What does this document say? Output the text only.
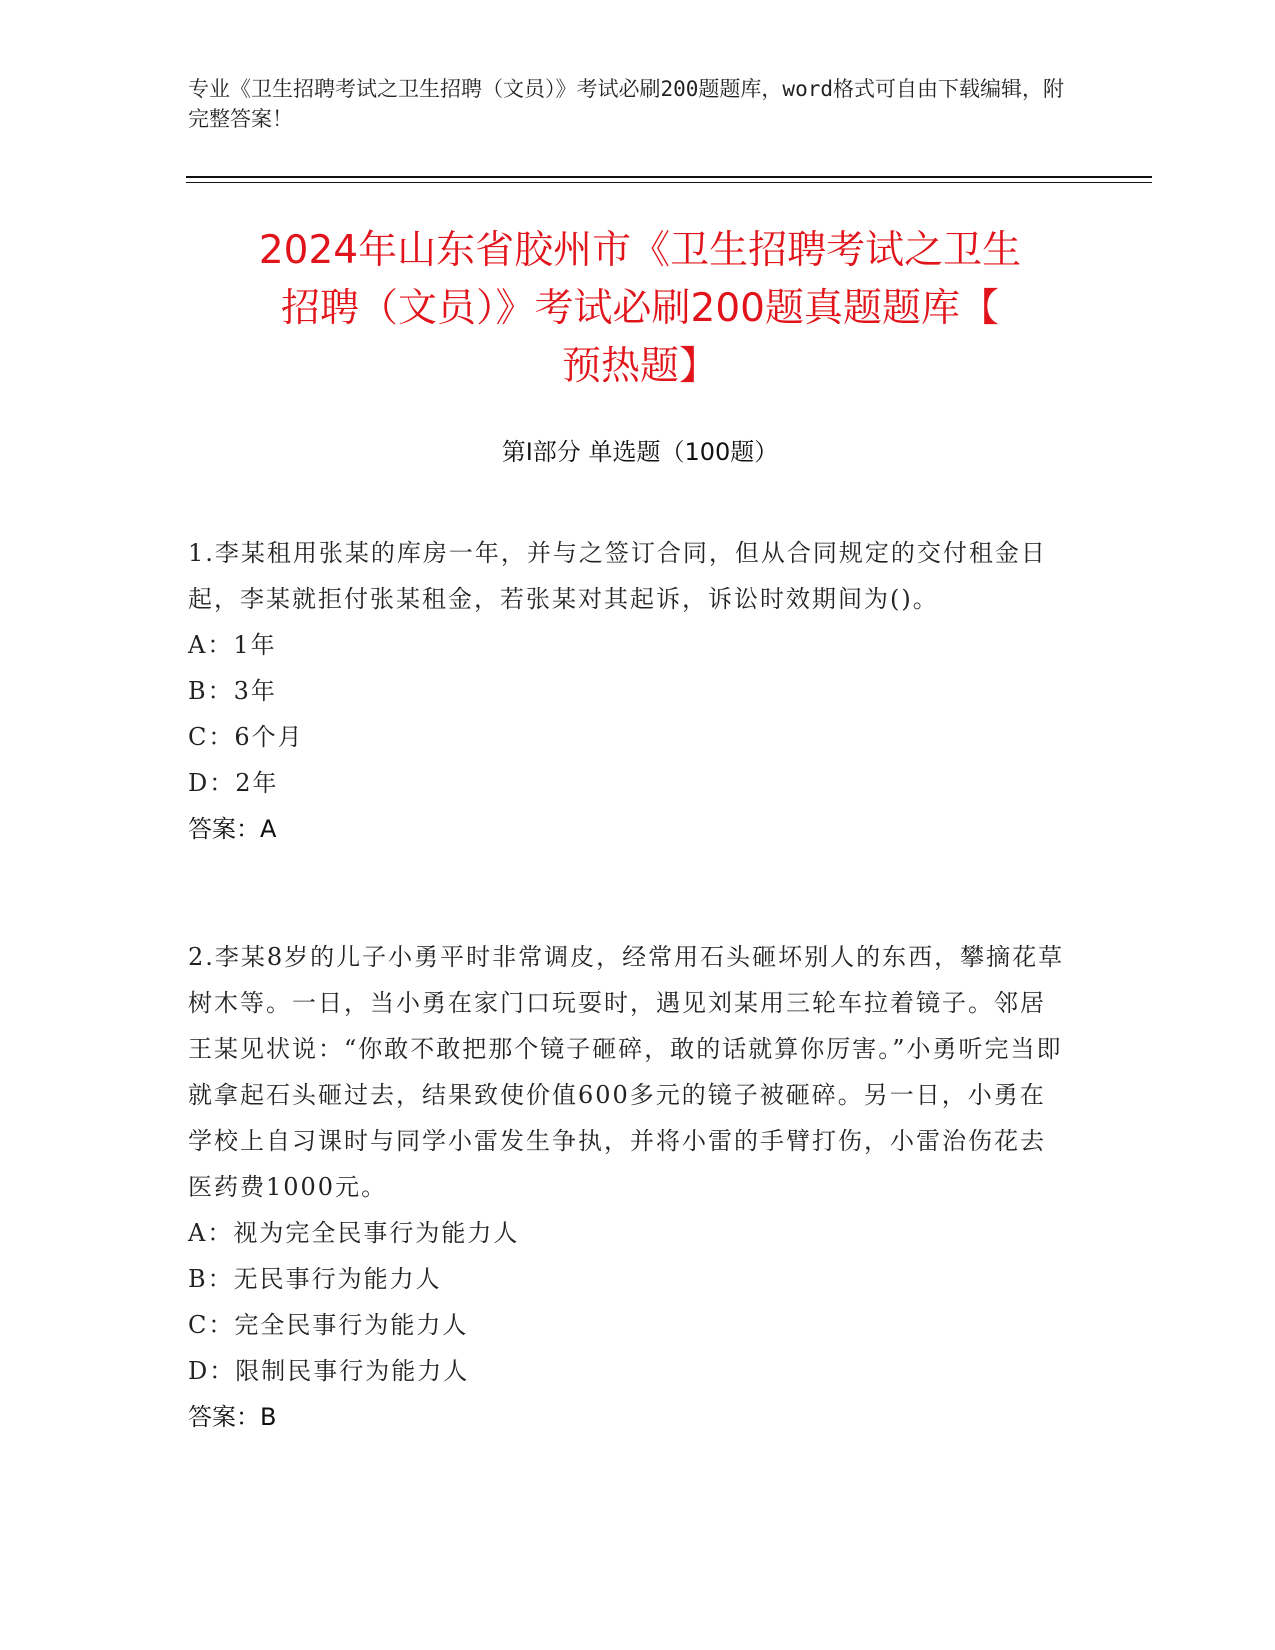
专业《卫生招聘考试之卫生招聘（文员）》考试必刷200题题库，word格式可自由下载编辑，附完整答案！
2024年山东省胶州市《卫生招聘考试之卫生
招聘（文员）》考试必刷200题真题题库【
预热题】
第Ⅰ部分 单选题（100题）

1.李某租用张某的库房一年，并与之签订合同，但从合同规定的交付租金日起，李某就拒付张某租金，若张某对其起诉，诉讼时效期间为()。

A：1年

B：3年

C：6个月

D：2年

答案：A

2.李某8岁的儿子小勇平时非常调皮，经常用石头砸坏别人的东西，攀摘花草树木等。一日，当小勇在家门口玩耍时，遇见刘某用三轮车拉着镜子。邻居王某见状说：“你敢不敢把那个镜子砸碎，敢的话就算你厉害。”小勇听完当即就拿起石头砸过去，结果致使价值600多元的镜子被砸碎。另一日，小勇在学校上自习课时与同学小雷发生争执，并将小雷的手臂打伤，小雷治伤花去医药费1000元。

A：视为完全民事行为能力人

B：无民事行为能力人

C：完全民事行为能力人

D：限制民事行为能力人

答案：B
